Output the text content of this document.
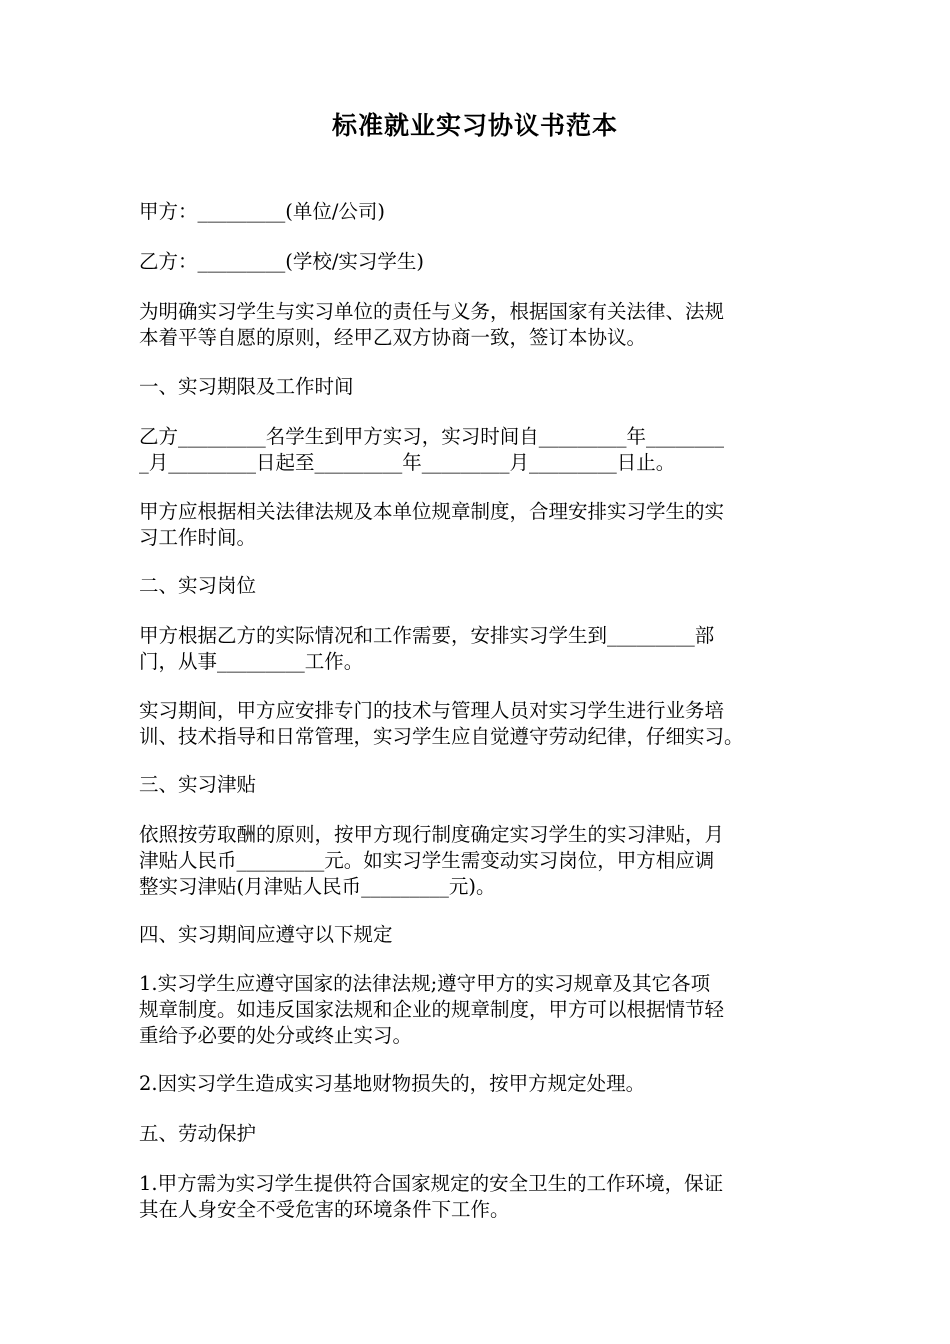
标准就业实习协议书范本
甲方：_________(单位/公司)
乙方：_________(学校/实习学生)
为明确实习学生与实习单位的责任与义务，根据国家有关法律、法规
本着平等自愿的原则，经甲乙双方协商一致，签订本协议。
一、实习期限及工作时间
乙方_________名学生到甲方实习，实习时间自_________年________
_月_________日起至_________年_________月_________日止。
甲方应根据相关法律法规及本单位规章制度，合理安排实习学生的实
习工作时间。
二、实习岗位
甲方根据乙方的实际情况和工作需要，安排实习学生到_________部
门，从事_________工作。
实习期间，甲方应安排专门的技术与管理人员对实习学生进行业务培
训、技术指导和日常管理，实习学生应自觉遵守劳动纪律，仔细实习。
三、实习津贴
依照按劳取酬的原则，按甲方现行制度确定实习学生的实习津贴，月
津贴人民币_________元。如实习学生需变动实习岗位，甲方相应调
整实习津贴(月津贴人民币_________元)。
四、实习期间应遵守以下规定
1.实习学生应遵守国家的法律法规;遵守甲方的实习规章及其它各项
规章制度。如违反国家法规和企业的规章制度，甲方可以根据情节轻
重给予必要的处分或终止实习。
2.因实习学生造成实习基地财物损失的，按甲方规定处理。
五、劳动保护
1.甲方需为实习学生提供符合国家规定的安全卫生的工作环境，保证
其在人身安全不受危害的环境条件下工作。
